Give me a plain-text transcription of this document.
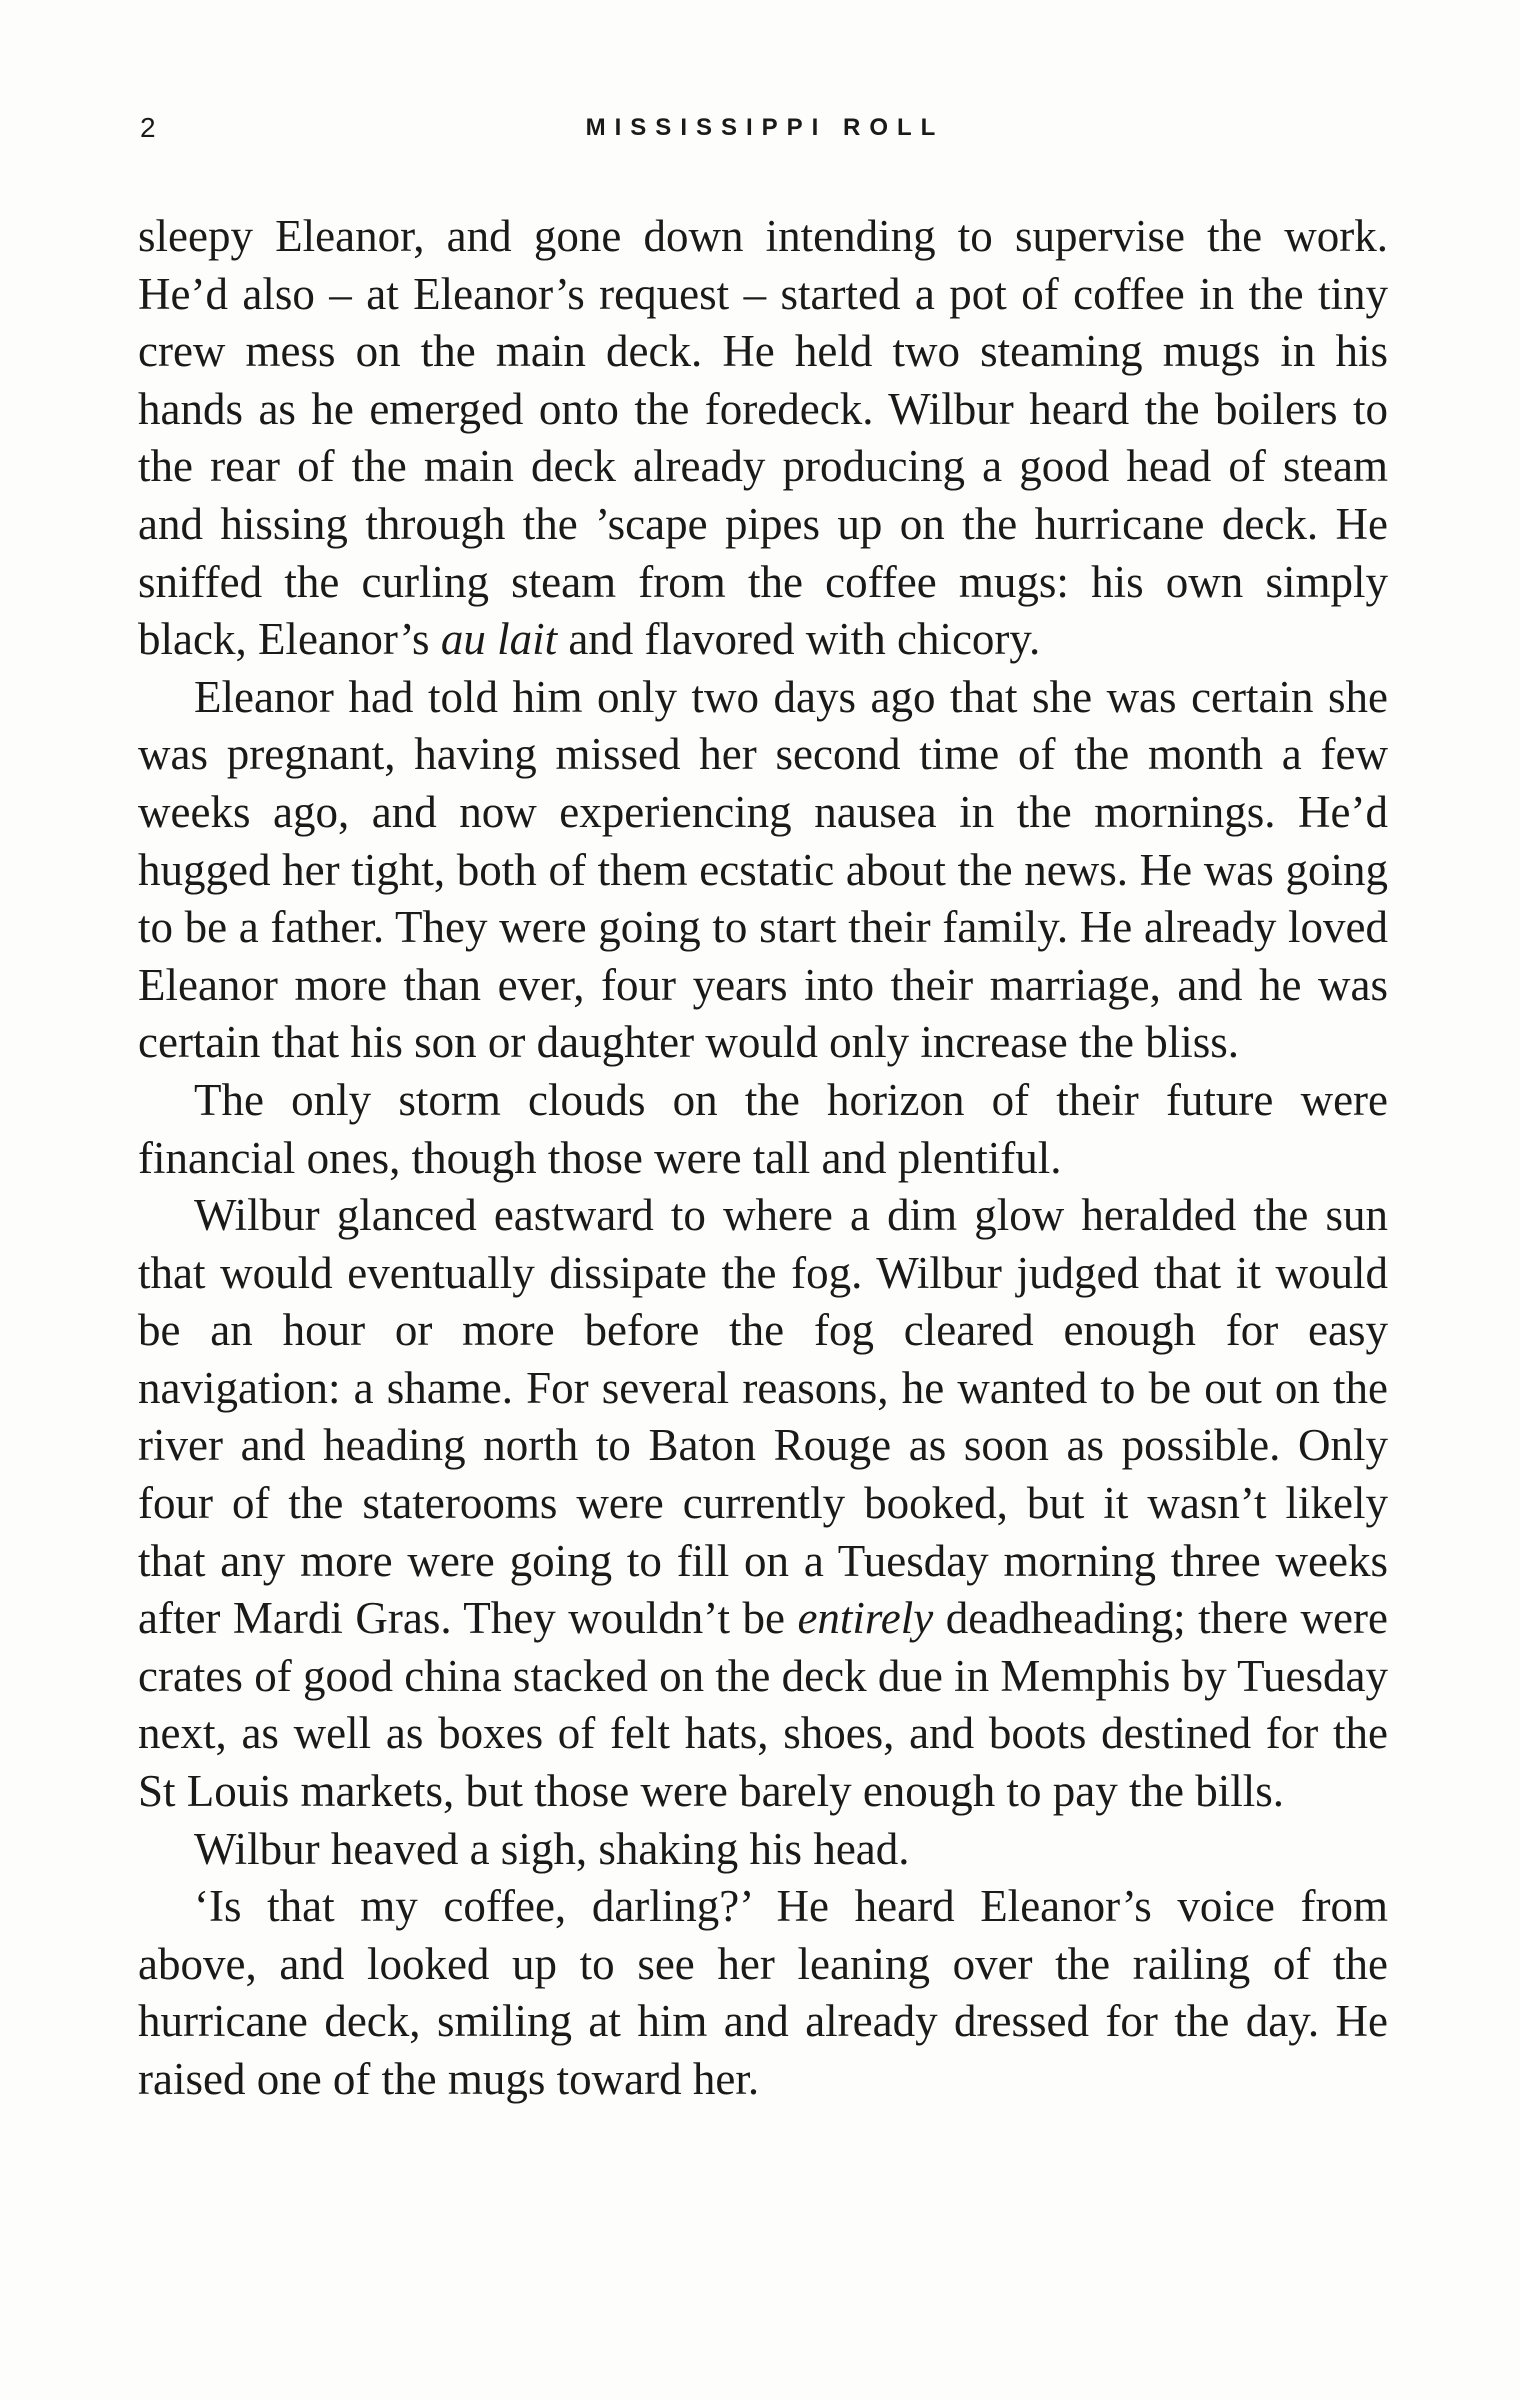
2	MISSISSIPPI ROLL

sleepy Eleanor, and gone down intending to supervise the work. He’d also – at Eleanor’s request – started a pot of coffee in the tiny crew mess on the main deck. He held two steaming mugs in his hands as he emerged onto the foredeck. Wilbur heard the boilers to the rear of the main deck already producing a good head of steam and hissing through the ’scape pipes up on the hurricane deck. He sniffed the curling steam from the coffee mugs: his own simply black, Eleanor’s au lait and flavored with chicory.

Eleanor had told him only two days ago that she was certain she was pregnant, having missed her second time of the month a few weeks ago, and now experiencing nausea in the mornings. He’d hugged her tight, both of them ecstatic about the news. He was going to be a father. They were going to start their family. He already loved Eleanor more than ever, four years into their marriage, and he was certain that his son or daughter would only increase the bliss.

The only storm clouds on the horizon of their future were financial ones, though those were tall and plentiful.

Wilbur glanced eastward to where a dim glow heralded the sun that would eventually dissipate the fog. Wilbur judged that it would be an hour or more before the fog cleared enough for easy navigation: a shame. For several reasons, he wanted to be out on the river and heading north to Baton Rouge as soon as possible. Only four of the staterooms were currently booked, but it wasn’t likely that any more were going to fill on a Tuesday morning three weeks after Mardi Gras. They wouldn’t be entirely deadheading; there were crates of good china stacked on the deck due in Memphis by Tuesday next, as well as boxes of felt hats, shoes, and boots destined for the St Louis markets, but those were barely enough to pay the bills.

Wilbur heaved a sigh, shaking his head.

‘Is that my coffee, darling?’ He heard Eleanor’s voice from above, and looked up to see her leaning over the railing of the hurricane deck, smiling at him and already dressed for the day. He raised one of the mugs toward her.
